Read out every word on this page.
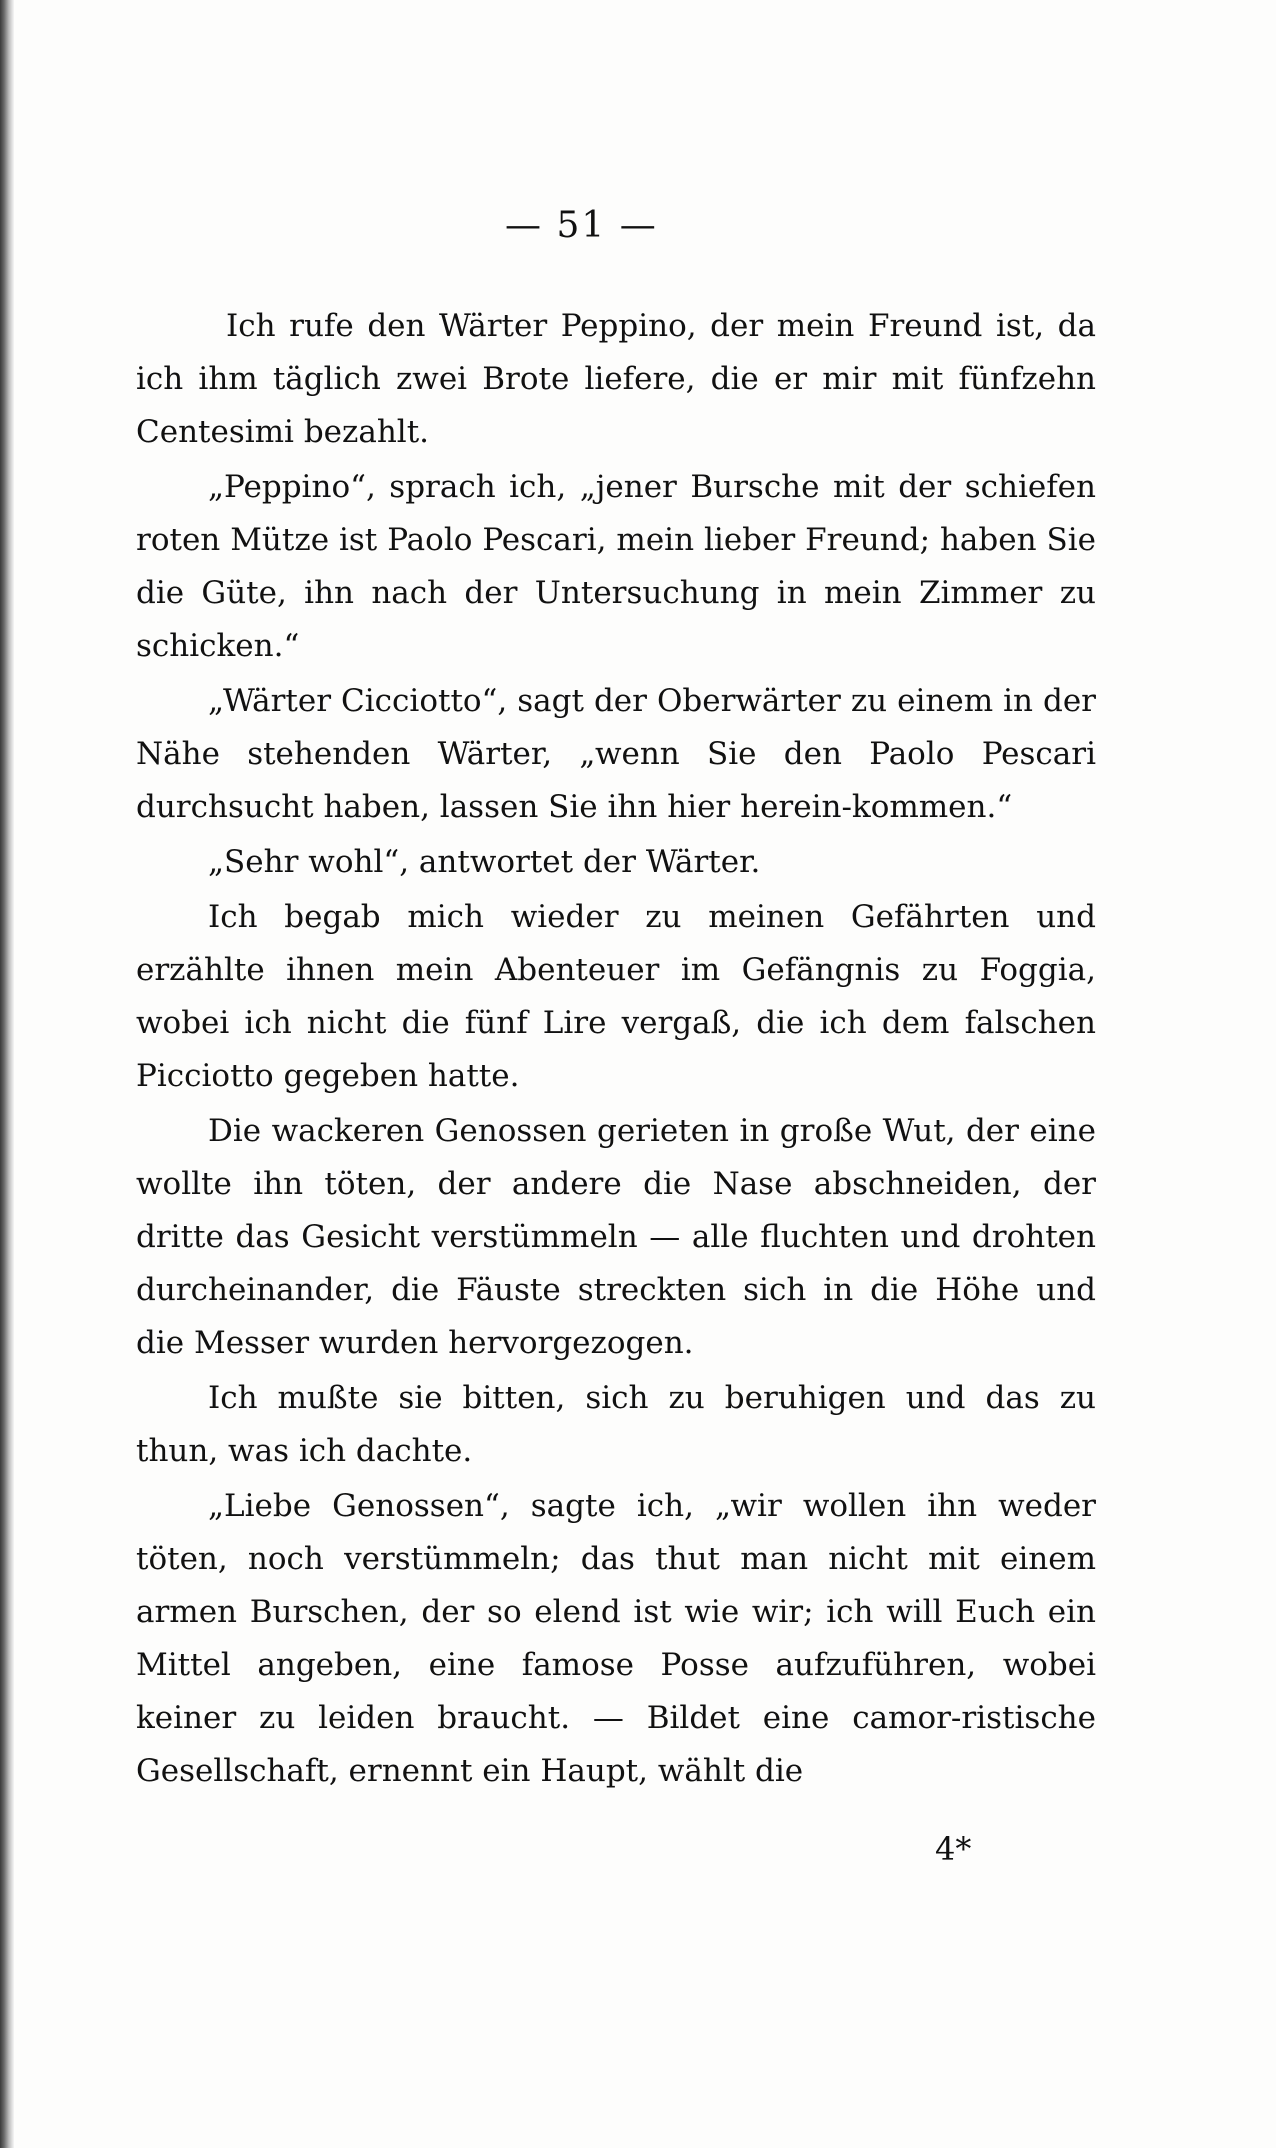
— 51 —

Ich rufe den Wärter Peppino, der mein Freund ist, da ich ihm täglich zwei Brote liefere, die er mir mit fünfzehn Centesimi bezahlt.

„Peppino“, sprach ich, „jener Bursche mit der schiefen roten Mütze ist Paolo Pescari, mein lieber Freund; haben Sie die Güte, ihn nach der Untersuchung in mein Zimmer zu schicken.“

„Wärter Cicciotto“, sagt der Oberwärter zu einem in der Nähe stehenden Wärter, „wenn Sie den Paolo Pescari durchsucht haben, lassen Sie ihn hier herein-kommen.“

„Sehr wohl“, antwortet der Wärter.

Ich begab mich wieder zu meinen Gefährten und erzählte ihnen mein Abenteuer im Gefängnis zu Foggia, wobei ich nicht die fünf Lire vergaß, die ich dem falschen Picciotto gegeben hatte.

Die wackeren Genossen gerieten in große Wut, der eine wollte ihn töten, der andere die Nase abschneiden, der dritte das Gesicht verstümmeln — alle fluchten und drohten durcheinander, die Fäuste streckten sich in die Höhe und die Messer wurden hervorgezogen.

Ich mußte sie bitten, sich zu beruhigen und das zu thun, was ich dachte.

„Liebe Genossen“, sagte ich, „wir wollen ihn weder töten, noch verstümmeln; das thut man nicht mit einem armen Burschen, der so elend ist wie wir; ich will Euch ein Mittel angeben, eine famose Posse aufzuführen, wobei keiner zu leiden braucht. — Bildet eine camor-ristische Gesellschaft, ernennt ein Haupt, wählt die

4*
